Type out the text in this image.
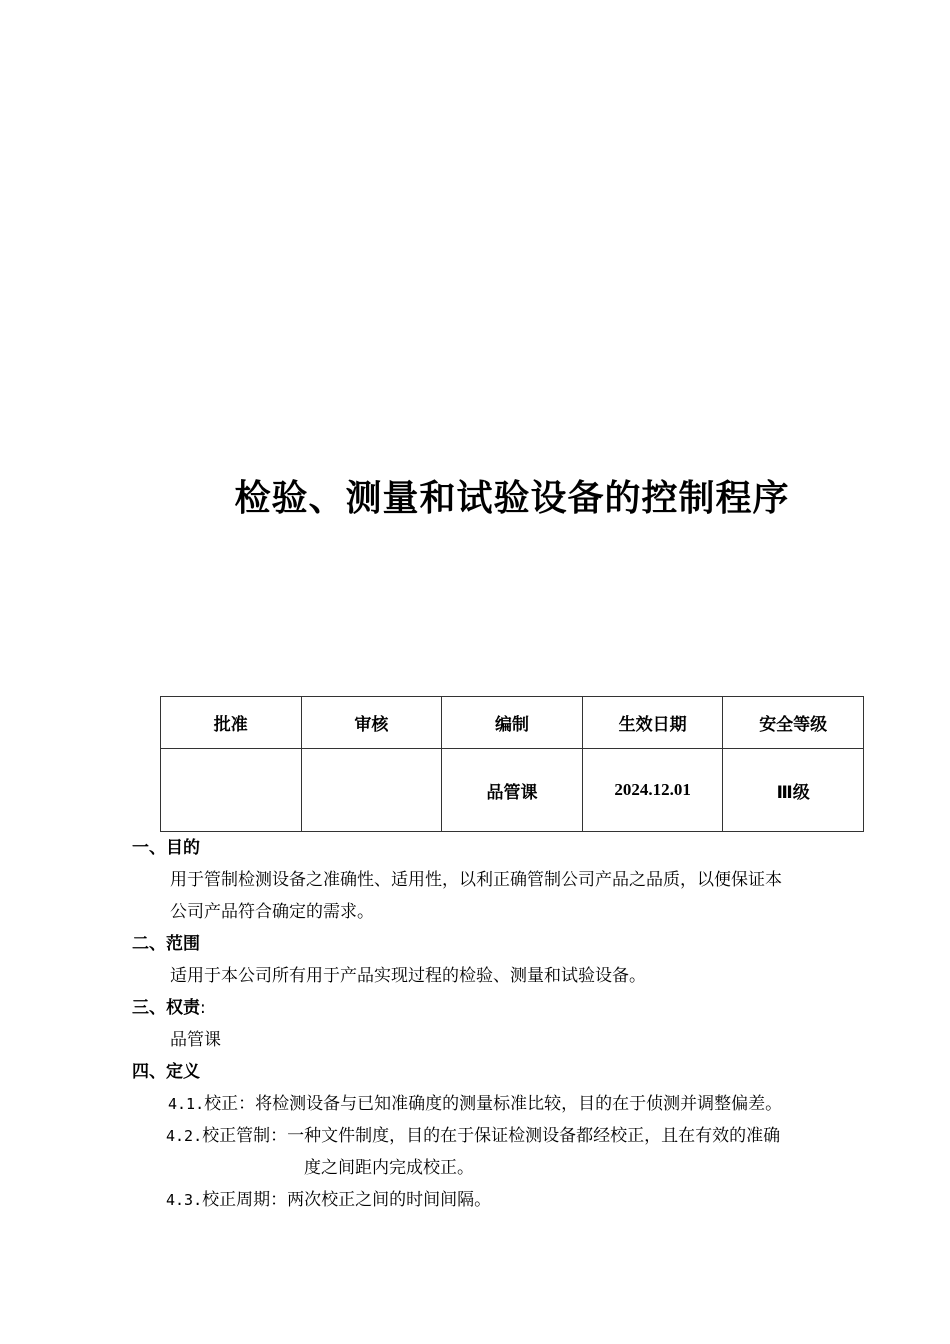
检验、测量和试验设备的控制程序
批准	审核	编制	生效日期	安全等级
		品管课	2024.12.01	Ⅲ级
一、目的
用于管制检测设备之准确性、适用性，以利正确管制公司产品之品质，以便保证本
公司产品符合确定的需求。
二、范围
适用于本公司所有用于产品实现过程的检验、测量和试验设备。
三、权责:
品管课
四、定义
4.1.校正：将检测设备与已知准确度的测量标准比较，目的在于侦测并调整偏差。
4.2.校正管制：一种文件制度，目的在于保证检测设备都经校正，且在有效的准确
度之间距内完成校正。
4.3.校正周期：两次校正之间的时间间隔。
